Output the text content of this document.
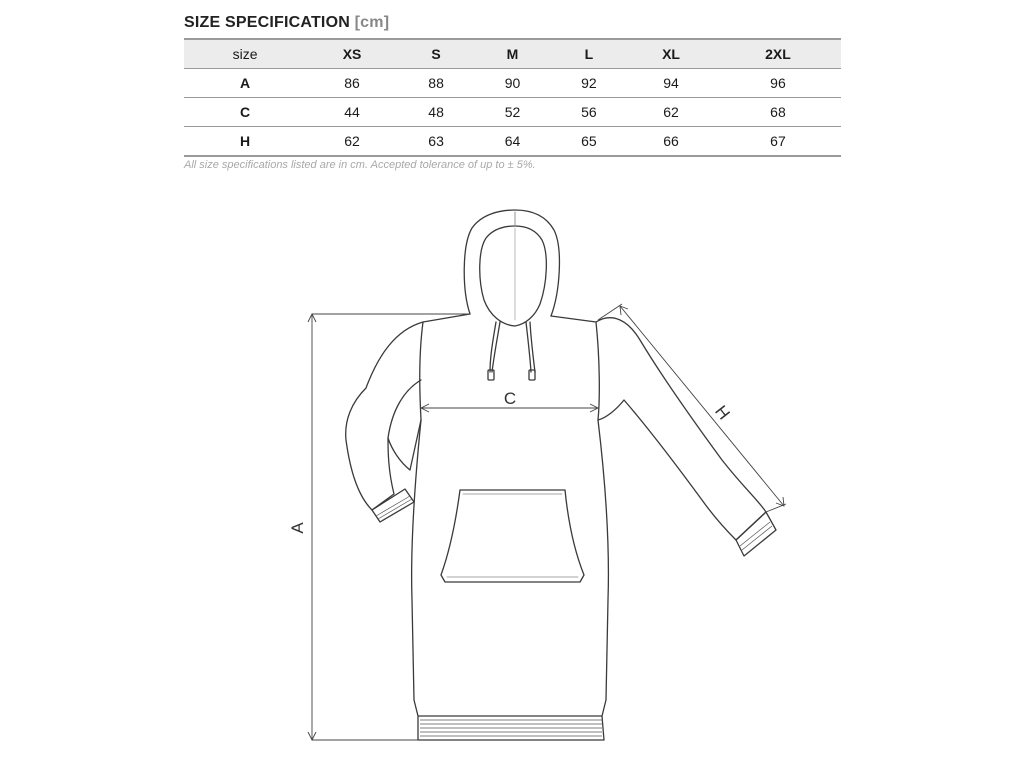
SIZE SPECIFICATION [cm]
size	XS	S	M	L	XL	2XL
A	86	88	90	92	94	96
C	44	48	52	56	62	68
H	62	63	64	65	66	67
All size specifications listed are in cm. Accepted tolerance of up to ± 5%.
A
C
H
